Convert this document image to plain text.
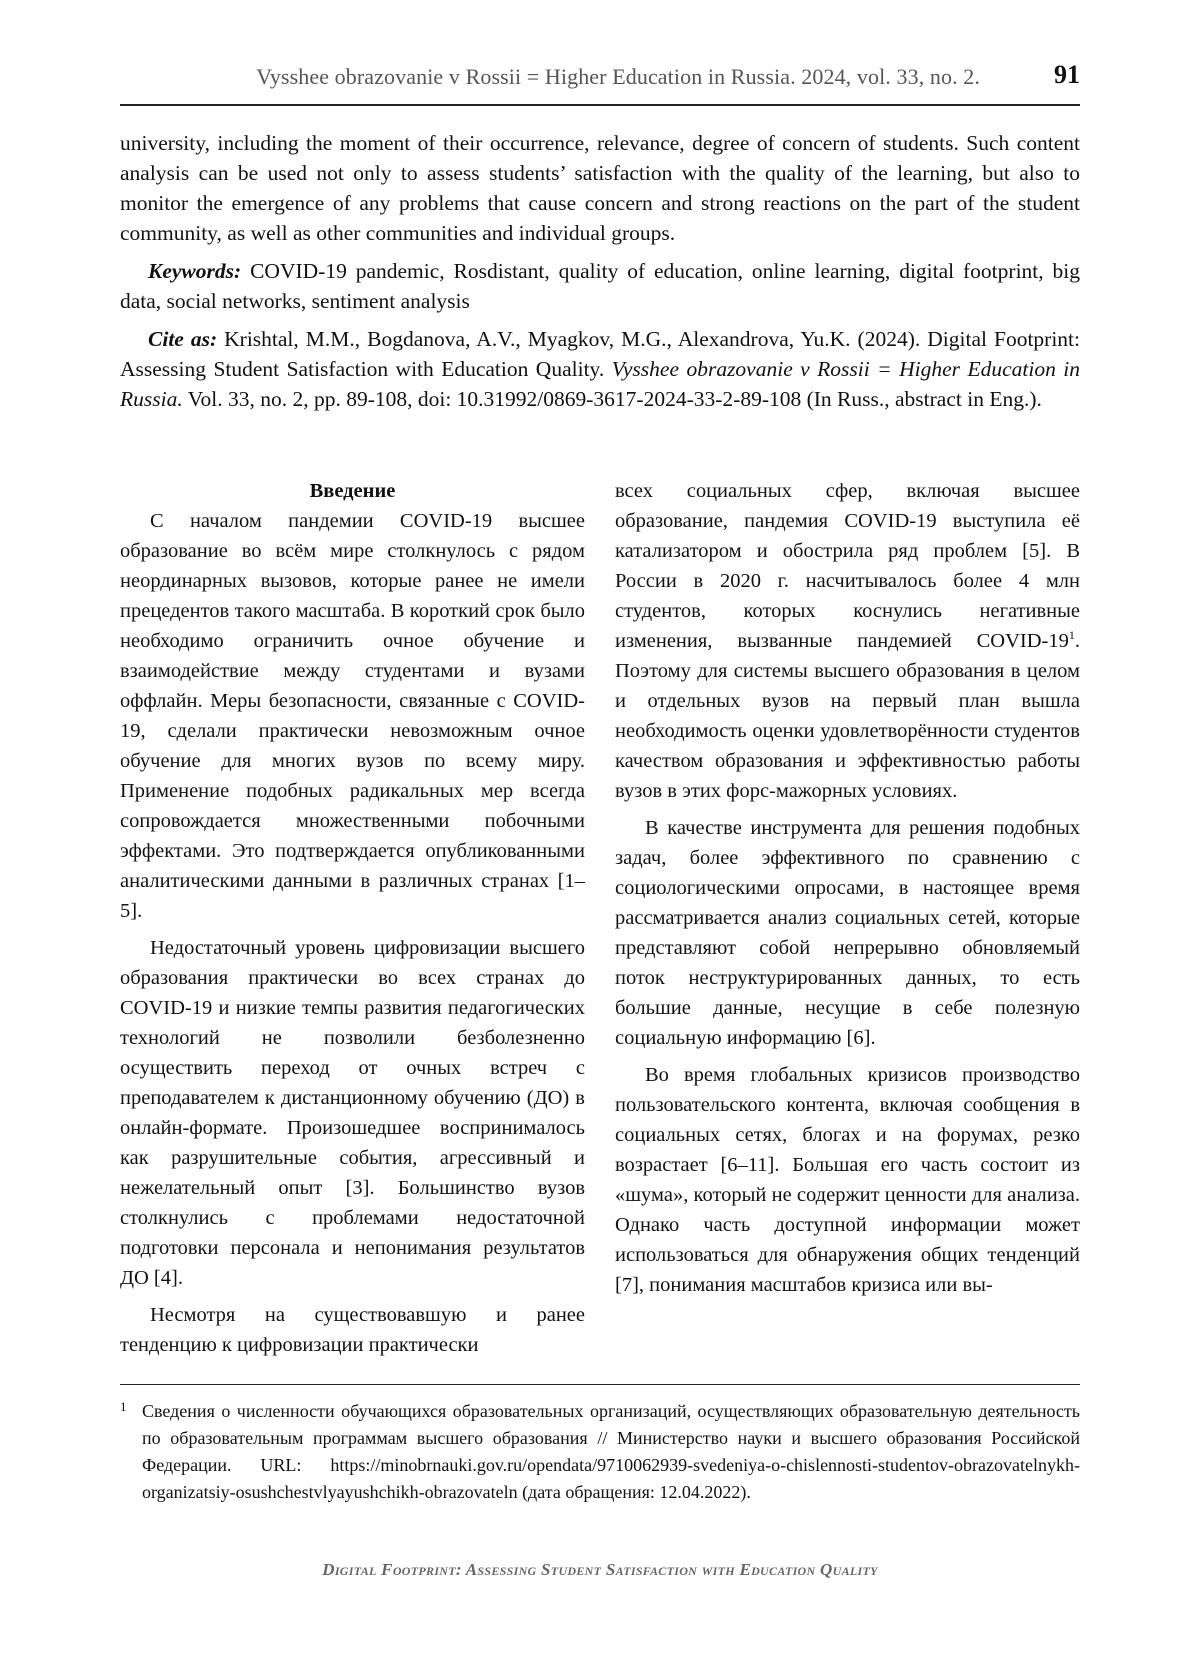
Vysshee obrazovanie v Rossii = Higher Education in Russia. 2024, vol. 33, no. 2.	91

university, including the moment of their occurrence, relevance, degree of concern of students. Such content analysis can be used not only to assess students’ satisfaction with the quality of the learning, but also to monitor the emergence of any problems that cause concern and strong reactions on the part of the student community, as well as other communities and individual groups.

Keywords: COVID-19 pandemic, Rosdistant, quality of education, online learning, digital footprint, big data, social networks, sentiment analysis

Cite as: Krishtal, M.M., Bogdanova, A.V., Myagkov, M.G., Alexandrova, Yu.K. (2024). Digital Footprint: Assessing Student Satisfaction with Education Quality. Vysshee obrazovanie v Rossii = Higher Education in Russia. Vol. 33, no. 2, pp. 89-108, doi: 10.31992/0869-3617-2024-33-2-89-108 (In Russ., abstract in Eng.).

Введение

С началом пандемии COVID-19 высшее образование во всём мире столкнулось с рядом неординарных вызовов, которые ранее не имели прецедентов такого масштаба. В короткий срок было необходимо ограничить очное обучение и взаимодействие между студентами и вузами оффлайн. Меры безопасности, связанные с COVID-19, сделали практически невозможным очное обучение для многих вузов по всему миру. Применение подобных радикальных мер всегда сопровождается множественными побочными эффектами. Это подтверждается опубликованными аналитическими данными в различных странах [1–5].

Недостаточный уровень цифровизации высшего образования практически во всех странах до COVID-19 и низкие темпы развития педагогических технологий не позволили безболезненно осуществить переход от очных встреч с преподавателем к дистанционному обучению (ДО) в онлайн-формате. Произошедшее воспринималось как разрушительные события, агрессивный и нежелательный опыт [3]. Большинство вузов столкнулись с проблемами недостаточной подготовки персонала и непонимания результатов ДО [4].

Несмотря на существовавшую и ранее тенденцию к цифровизации практически

всех социальных сфер, включая высшее образование, пандемия COVID-19 выступила её катализатором и обострила ряд проблем [5]. В России в 2020 г. насчитывалось более 4 млн студентов, которых коснулись негативные изменения, вызванные пандемией COVID-$19^1$. Поэтому для системы высшего образования в целом и отдельных вузов на первый план вышла необходимость оценки удовлетворённости студентов качеством образования и эффективностью работы вузов в этих форс-мажорных условиях.

В качестве инструмента для решения подобных задач, более эффективного по сравнению с социологическими опросами, в настоящее время рассматривается анализ социальных сетей, которые представляют собой непрерывно обновляемый поток неструктурированных данных, то есть большие данные, несущие в себе полезную социальную информацию [6].

Во время глобальных кризисов производство пользовательского контента, включая сообщения в социальных сетях, блогах и на форумах, резко возрастает [6–11]. Большая его часть состоит из «шума», который не содержит ценности для анализа. Однако часть доступной информации может использоваться для обнаружения общих тенденций [7], понимания масштабов кризиса или вы-

1 Сведения о численности обучающихся образовательных организаций, осуществляющих образовательную деятельность по образовательным программам высшего образования // Министерство науки и высшего образования Российской Федерации. URL: https://minobrnauki.gov.ru/opendata/9710062939-svedeniya-o-chislennosti-studentov-obrazovatelnykh-organizatsiy-osushchestvlyayushchikh-obrazovateln (дата обращения: 12.04.2022).
Digital Footprint: Assessing Student Satisfaction with Education Quality
